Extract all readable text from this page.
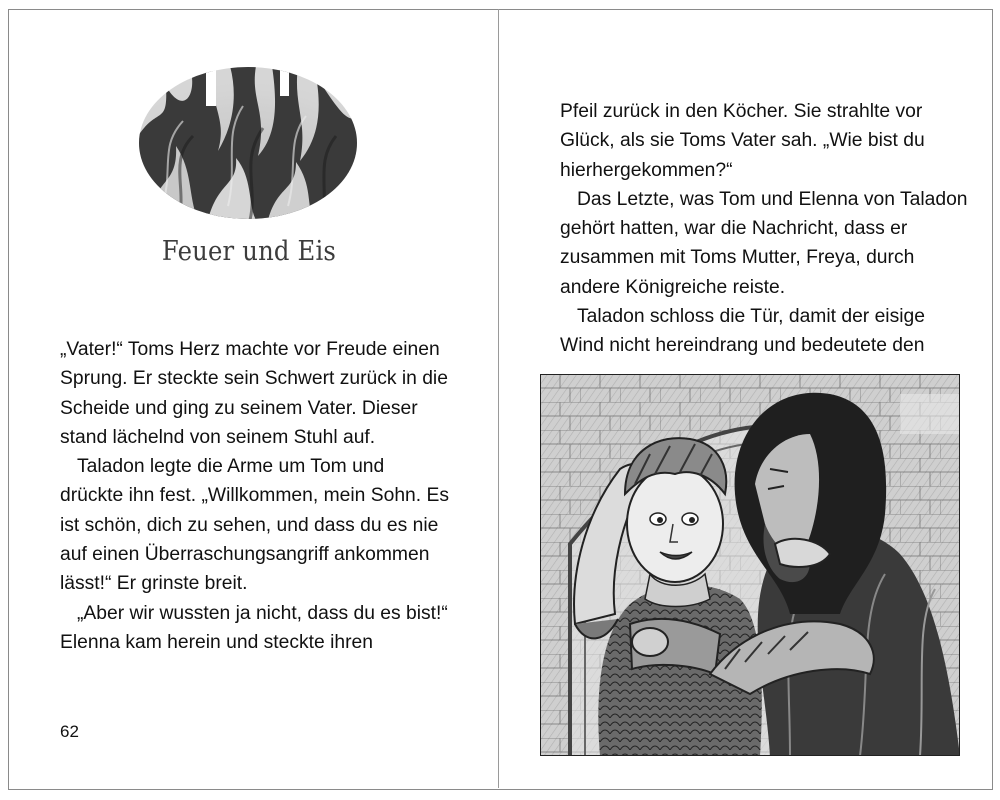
Feuer und Eis

„Vater!“ Toms Herz machte vor Freude einen Sprung. Er steckte sein Schwert zurück in die Scheide und ging zu seinem Vater. Dieser stand lächelnd von seinem Stuhl auf.

Taladon legte die Arme um Tom und drückte ihn fest. „Willkommen, mein Sohn. Es ist schön, dich zu sehen, und dass du es nie auf einen Überraschungsangriff ankommen lässt!“ Er grinste breit.

„Aber wir wussten ja nicht, dass du es bist!“ Elenna kam herein und steckte ihren

62

Pfeil zurück in den Köcher. Sie strahlte vor Glück, als sie Toms Vater sah. „Wie bist du hierhergekommen?“

Das Letzte, was Tom und Elenna von Taladon gehört hatten, war die Nachricht, dass er zusammen mit Toms Mutter, Freya, durch andere Königreiche reiste.

Taladon schloss die Tür, damit der eisige Wind nicht hereindrang und bedeutete den
